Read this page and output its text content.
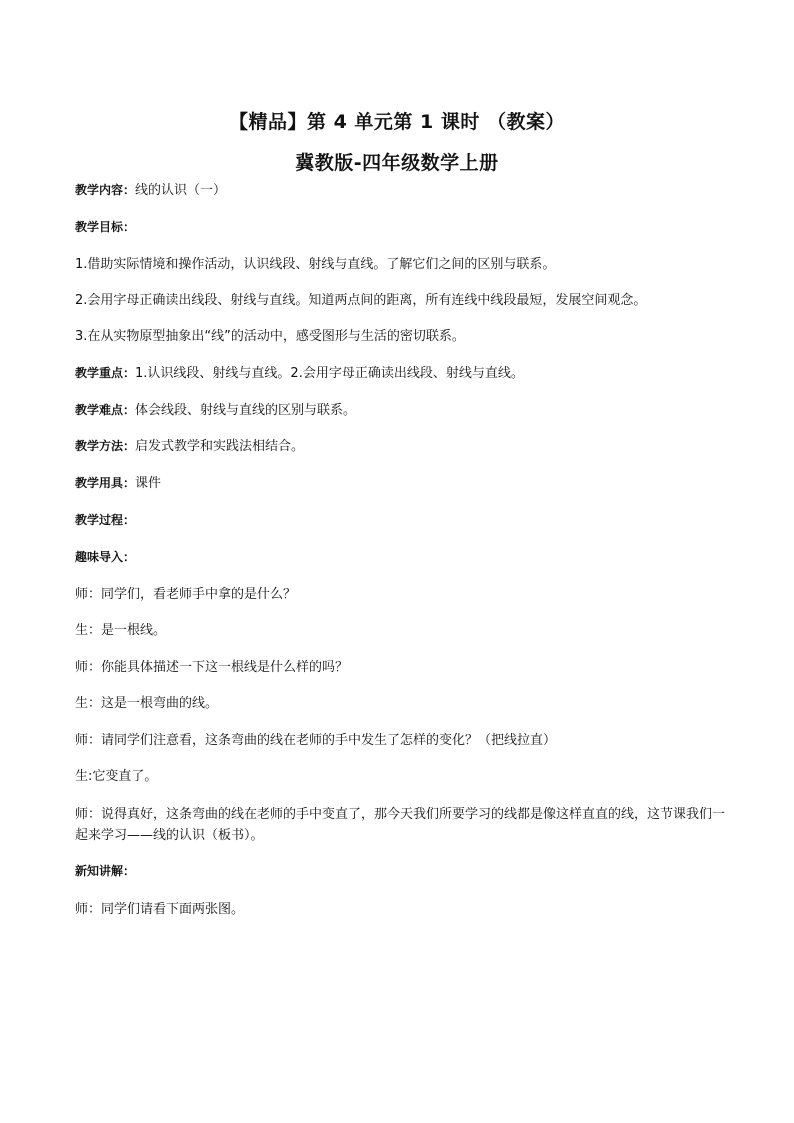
【精品】第 4 单元第 1 课时 （教案）
冀教版-四年级数学上册
教学内容：线的认识（一）
教学目标：
1.借助实际情境和操作活动，认识线段、射线与直线。了解它们之间的区别与联系。
2.会用字母正确读出线段、射线与直线。知道两点间的距离，所有连线中线段最短，发展空间观念。
3.在从实物原型抽象出“线”的活动中，感受图形与生活的密切联系。
教学重点：1.认识线段、射线与直线。2.会用字母正确读出线段、射线与直线。
教学难点：体会线段、射线与直线的区别与联系。
教学方法：启发式教学和实践法相结合。
教学用具：课件
教学过程：
趣味导入：
师：同学们，看老师手中拿的是什么？
生：是一根线。
师：你能具体描述一下这一根线是什么样的吗？
生：这是一根弯曲的线。
师：请同学们注意看，这条弯曲的线在老师的手中发生了怎样的变化？（把线拉直）
生:它变直了。
师：说得真好，这条弯曲的线在老师的手中变直了，那今天我们所要学习的线都是像这样直直的线，这节课我们一起来学习——线的认识（板书）。
新知讲解：
师：同学们请看下面两张图。
